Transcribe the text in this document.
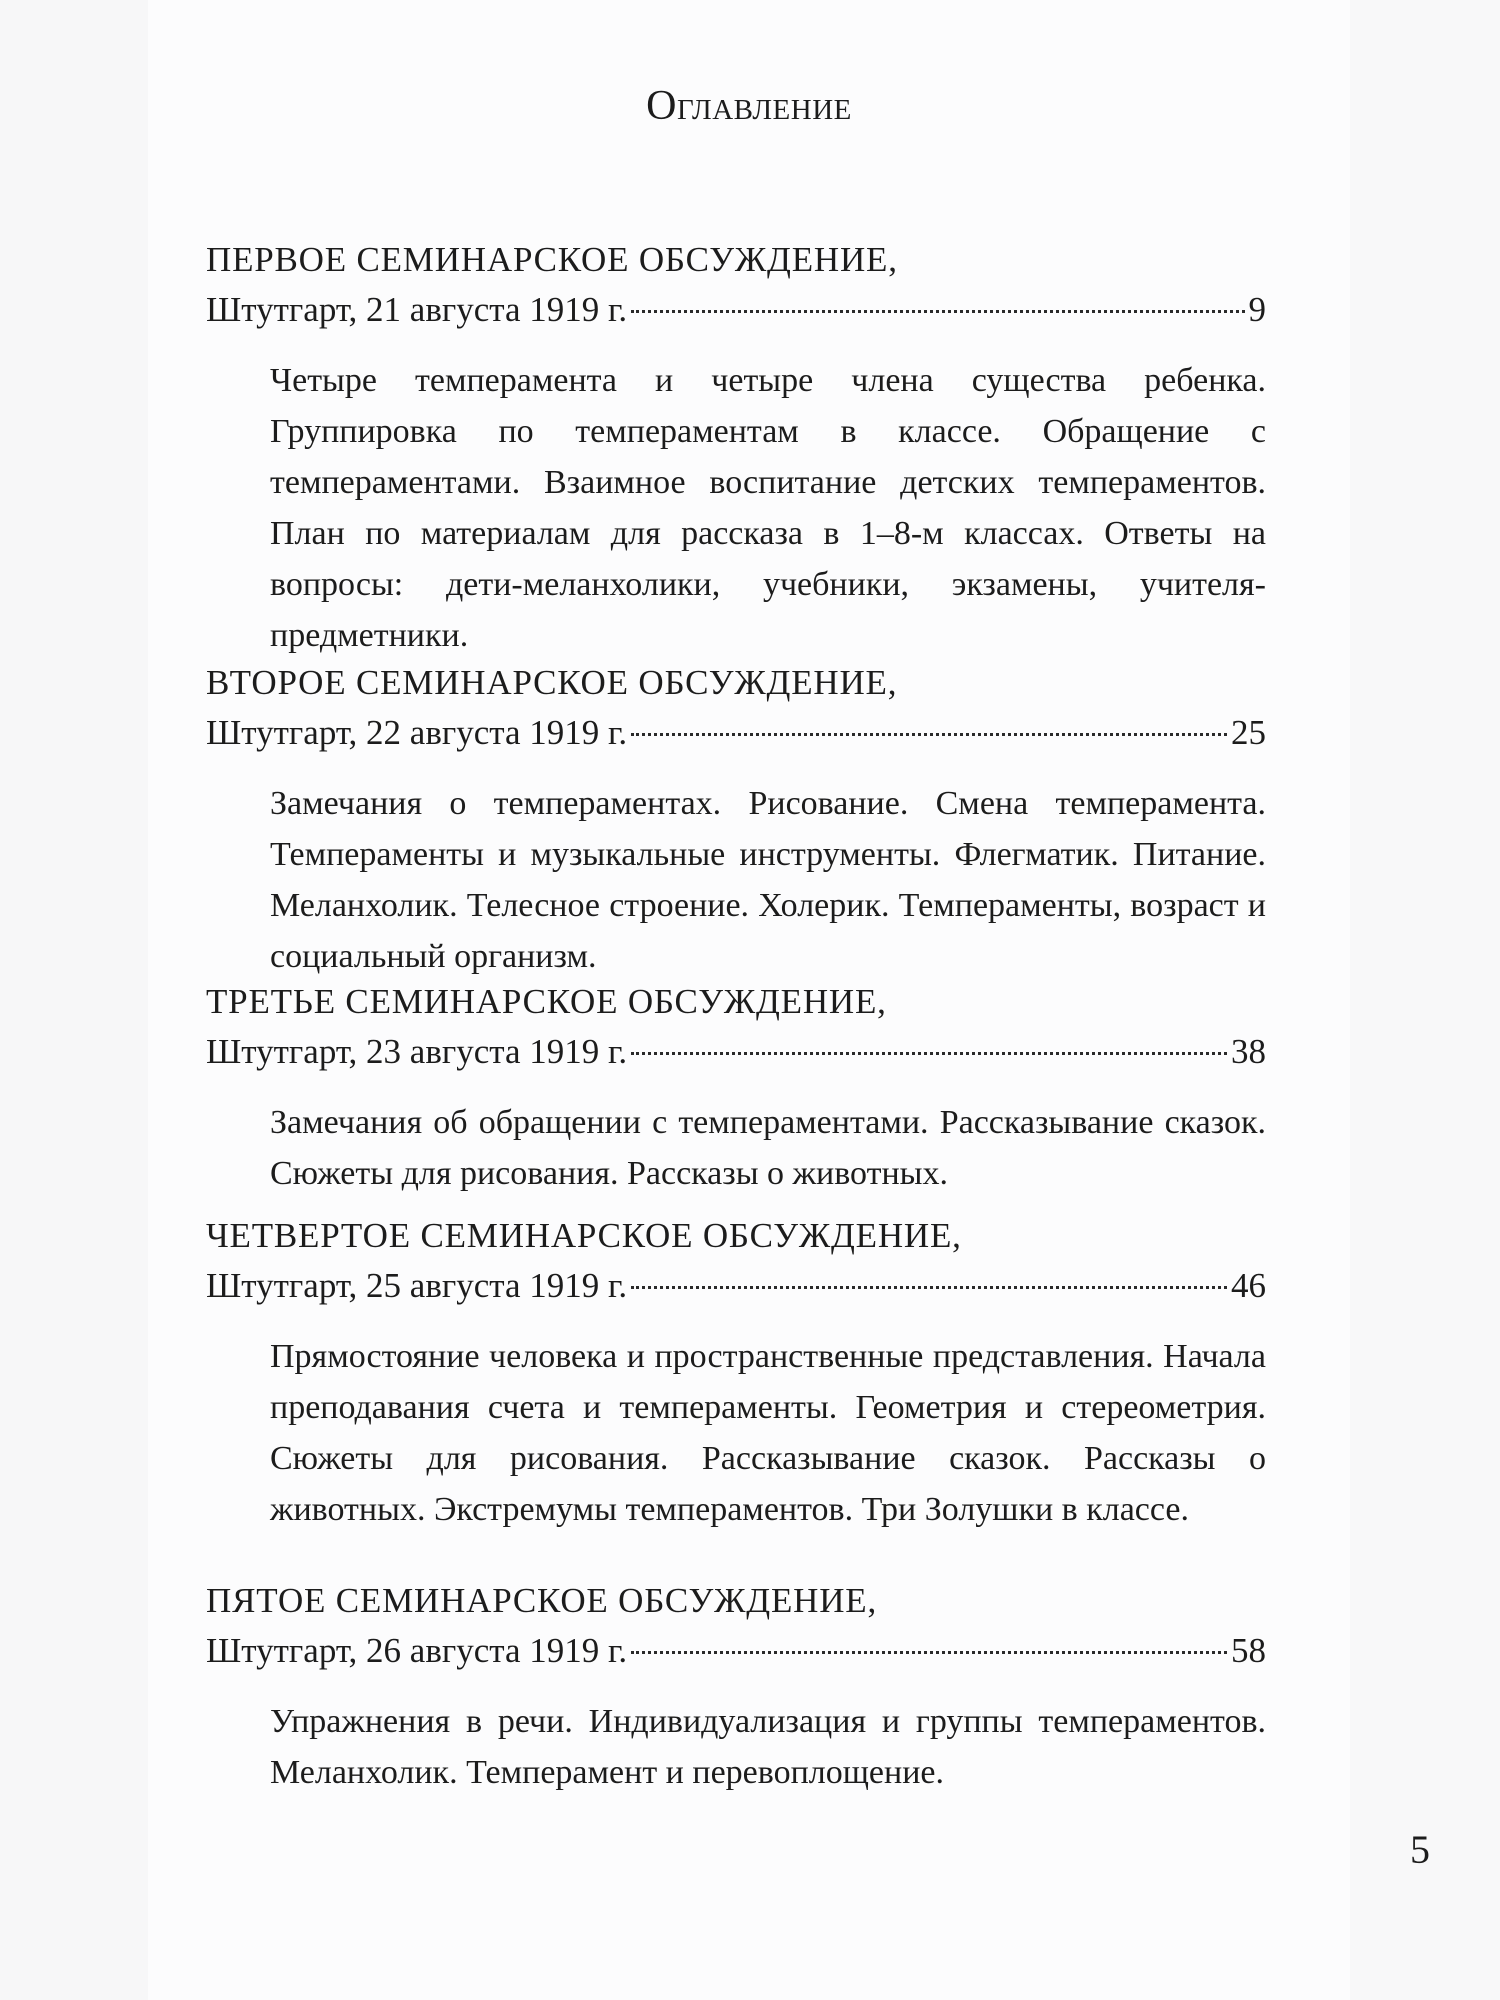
Оглавление
ПЕРВОЕ СЕМИНАРСКОЕ ОБСУЖДЕНИЕ,
Штутгарт, 21 августа 1919 г.	9
Четыре темперамента и четыре члена существа ребенка. Группировка по темпераментам в классе. Обращение с темпераментами. Взаимное воспитание детских темпераментов. План по материалам для рассказа в 1–8-м классах. Ответы на вопросы: дети-меланхолики, учебники, экзамены, учителя-предметники.
ВТОРОЕ СЕМИНАРСКОЕ ОБСУЖДЕНИЕ,
Штутгарт, 22 августа 1919 г.	25
Замечания о темпераментах. Рисование. Смена темперамента. Темпераменты и музыкальные инструменты. Флегматик. Питание. Меланхолик. Телесное строение. Холерик. Темпераменты, возраст и социальный организм.
ТРЕТЬЕ СЕМИНАРСКОЕ ОБСУЖДЕНИЕ,
Штутгарт, 23 августа 1919 г.	38
Замечания об обращении с темпераментами. Рассказывание сказок. Сюжеты для рисования. Рассказы о животных.
ЧЕТВЕРТОЕ СЕМИНАРСКОЕ ОБСУЖДЕНИЕ,
Штутгарт, 25 августа 1919 г.	46
Прямостояние человека и пространственные представления. Начала преподавания счета и темпераменты. Геометрия и стереометрия. Сюжеты для рисования. Рассказывание сказок. Рассказы о животных. Экстремумы темпераментов. Три Золушки в классе.
ПЯТОЕ СЕМИНАРСКОЕ ОБСУЖДЕНИЕ,
Штутгарт, 26 августа 1919 г.	58
Упражнения в речи. Индивидуализация и группы темпераментов. Меланхолик. Темперамент и перевоплощение.
5
